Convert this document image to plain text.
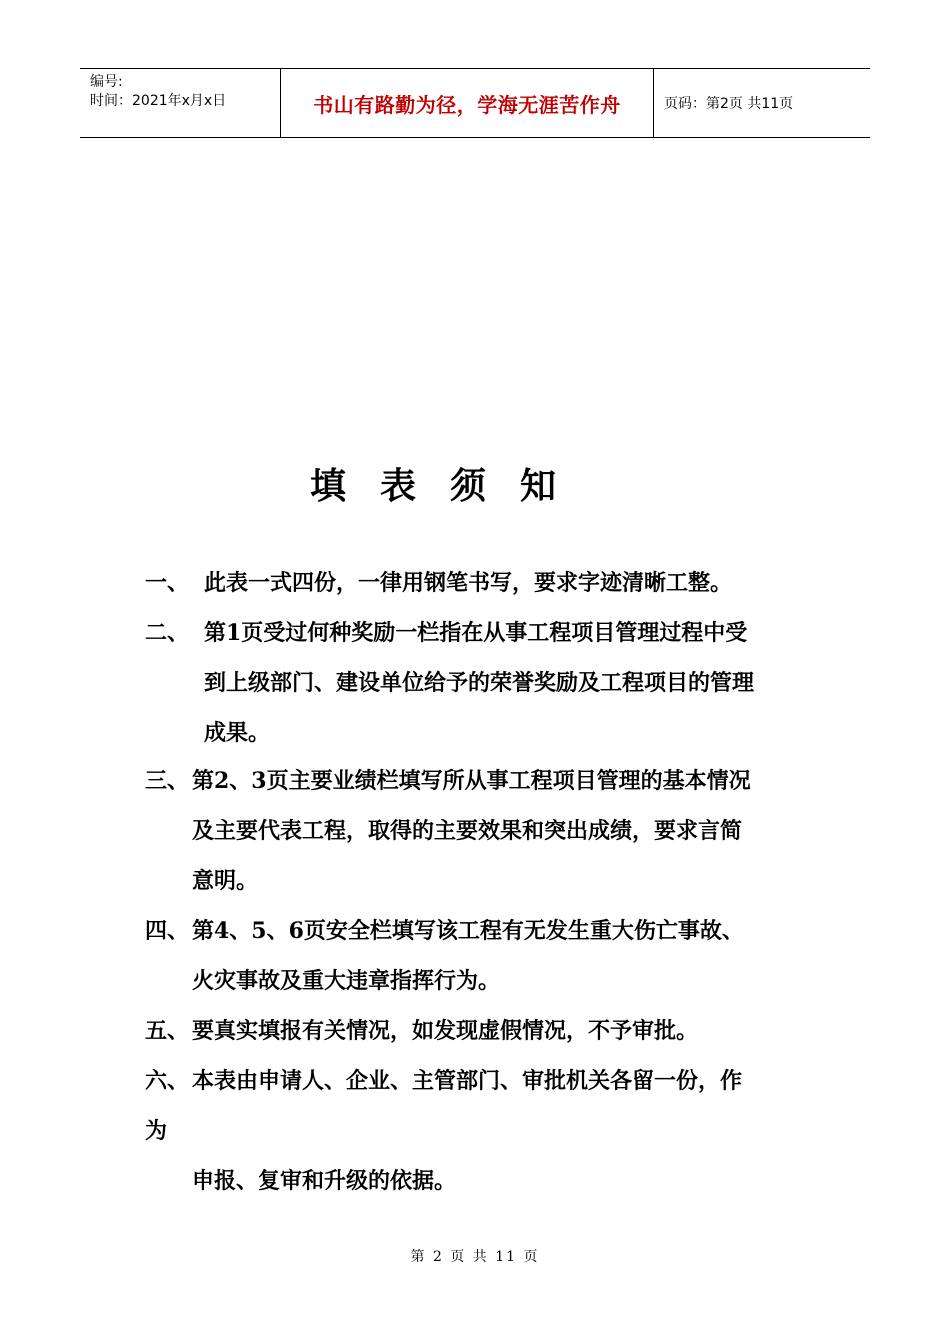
编号:
时间：2021年x月x日	书山有路勤为径，学海无涯苦作舟	页码：第2页 共11页
填表须知
一、 此表一式四份，一律用钢笔书写，要求字迹清晰工整。
二、 第1页受过何种奖励一栏指在从事工程项目管理过程中受
到上级部门、建设单位给予的荣誉奖励及工程项目的管理
成果。
三、 第2、3页主要业绩栏填写所从事工程项目管理的基本情况
及主要代表工程，取得的主要效果和突出成绩，要求言简
意明。
四、 第4、5、6页安全栏填写该工程有无发生重大伤亡事故、
火灾事故及重大违章指挥行为。
五、 要真实填报有关情况，如发现虚假情况，不予审批。
六、 本表由申请人、企业、主管部门、审批机关各留一份，作
为
申报、复审和升级的依据。
第 2 页 共 11 页
